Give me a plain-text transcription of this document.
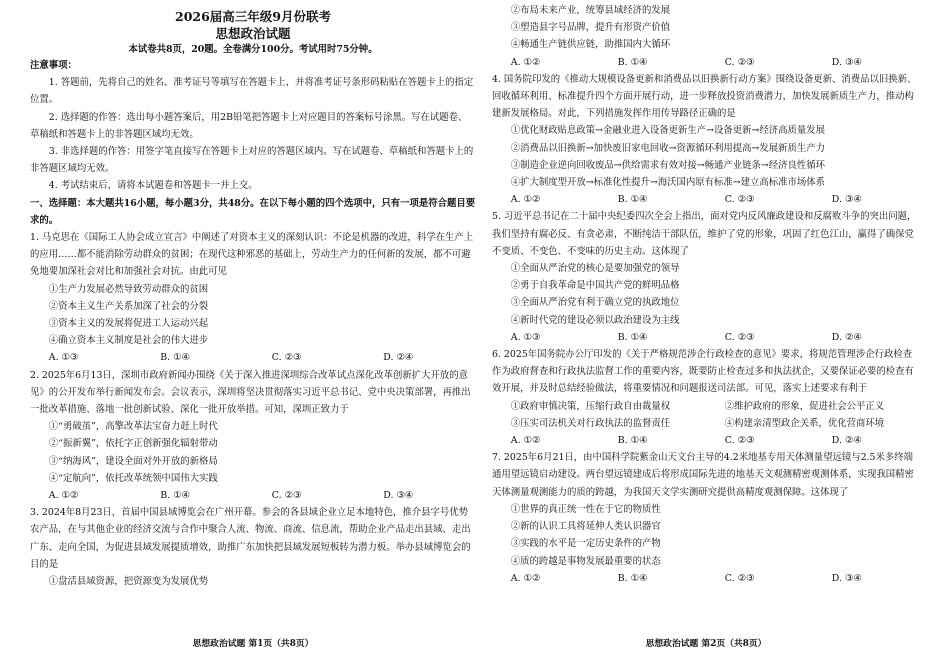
2026届高三年级9月份联考
思想政治试题
本试卷共8页，20题。全卷满分100分。考试用时75分钟。
注意事项：

1. 答题前，先将自己的姓名、准考证号等填写在答题卡上，并将准考证号条形码粘贴在答题卡上的指定位置。

2. 选择题的作答：选出每小题答案后，用2B铅笔把答题卡上对应题目的答案标号涂黑。写在试题卷、草稿纸和答题卡上的非答题区域均无效。

3. 非选择题的作答：用签字笔直接写在答题卡上对应的答题区域内。写在试题卷、草稿纸和答题卡上的非答题区域均无效。

4. 考试结束后，请将本试题卷和答题卡一并上交。

一、选择题：本大题共16小题，每小题3分，共48分。在以下每小题的四个选项中，只有一项是符合题目要求的。

1. 马克思在《国际工人协会成立宣言》中阐述了对资本主义的深刻认识：不论是机器的改进，科学在生产上的应用……都不能消除劳动群众的贫困；在现代这种邪恶的基础上，劳动生产力的任何新的发展，都不可避免地要加深社会对比和加强社会对抗。由此可见

①生产力发展必然导致劳动群众的贫困
②资本主义生产关系加深了社会的分裂
③资本主义的发展将促进工人运动兴起
④确立资本主义制度是社会的伟大进步
A. ①③	B. ①④	C. ②③	D. ②④

2. 2025年6月13日，深圳市政府新闻办围绕《关于深入推进深圳综合改革试点深化改革创新扩大开放的意见》的公开发布举行新闻发布会。会议表示，深圳将坚决贯彻落实习近平总书记、党中央决策部署，再推出一批改革措施、落地一批创新试验、深化一批开放举措。可知，深圳正致力于

①“勇破茧”，高擎改革法宝奋力赶上时代
②“振新翼”，依托字正创新强化辐射带动
③“纳海风”，建设全面对外开放的新格局
④“定航向”，依托改革统领中国伟大实践
A. ①②	B. ①④	C. ②③	D. ③④

3. 2024年8月23日，首届中国县域博览会在广州开幕。参会的各县域企业立足本地特色，推介县字号优势农产品，在与其他企业的经济交流与合作中聚合人流、物流、商流、信息流，帮助企业产品走出县域、走出广东、走向全国，为促进县域发展提质增效，助推广东加快把县域发展短板转为潜力板。举办县域博览会的目的是

①盘活县域资源，把资源变为发展优势
思想政治试题 第1页（共8页）
②布局未来产业，统筹县域经济的发展
③塑造县字号品牌，提升有形资产价值
④畅通生产链供应链，助推国内大循环
A. ①②	B. ①④	C. ②③	D. ③④

4. 国务院印发的《推动大规模设备更新和消费品以旧换新行动方案》围绕设备更新、消费品以旧换新、回收循环利用、标准提升四个方面开展行动，进一步释放投资消费潜力，加快发展新质生产力，推动构建新发展格局。对此，下列措施发挥作用传导路径正确的是

①优化财政贴息政策→金融业进入设备更新生产→设备更新→经济高质量发展
②消费品以旧换新→加快废旧家电回收→资源循环利用提高→发展新质生产力
③制造企业逆向回收废品→供给需求有效对接→畅通产业链条→经济良性循环
④扩大制度型开放→标准化性提升→海沃国内原有标准→建立高标准市场体系
A. ①②	B. ①④	C. ②③	D. ③④

5. 习近平总书记在二十届中央纪委四次全会上指出，面对党内反风廉政建设和反腐败斗争的突出问题，我们坚持有腐必反、有贪必肃，不断纯洁干部队伍，维护了党的形象，巩固了红色江山，赢得了确保党不变质、不变色、不变味的历史主动。这体现了

①全面从严治党的核心是要加强党的领导
②勇于自我革命是中国共产党的鲜明品格
③全面从严治党有利于确立党的执政地位
④新时代党的建设必须以政治建设为主线
A. ①③	B. ①④	C. ②③	D. ②④

6. 2025年国务院办公厅印发的《关于严格规范涉企行政检查的意见》要求，将规范管理涉企行政检查作为政府督查和行政执法监督工作的重要内容，既要防止检查过多和执法扰企，又要保证必要的检查有效开展，并及时总结经验做法，将重要情况和问题报送司法部。可见，落实上述要求有利于

①政府审慎决策，压缩行政自由裁量权	②维护政府的形象，促进社会公平正义
③压实司法机关对行政执法的监督责任	④构建亲清型政企关系，优化营商环境
A. ①②	B. ①④	C. ②③	D. ②④

7. 2025年6月21日，由中国科学院紫金山天文台主导的4.2米地基专用天体测量望远镜与2.5米多终端通用望远镜启动建设。两台望远镜建成后将形成国际先进的地基天文观测精密观测体系，实现我国精密天体测量观测能力的质的跨越，为我国天文学实测研究提供高精度观测保障。这体现了

①世界的真正统一性在于它的物质性
②新的认识工具将延伸人类认识器官
③实践的水平是一定历史条件的产物
④质的跨越是事物发展最重要的状态
A. ①②	B. ①④	C. ②③	D. ③④
思想政治试题 第2页（共8页）
